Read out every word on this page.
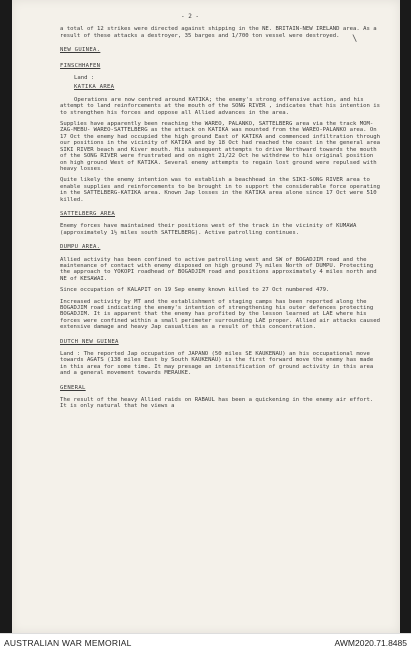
\
- 2 -

a total of 12 strikes were directed against shipping in the NE. BRITAIN-NEW IRELAND area. As a result of these attacks a destroyer, 35 barges and 1/700 ton vessel were destroyed.

NEW GUINEA.
FINSCHHAFEN
Land :
KATIKA AREA

Operations are now centred around KATIKA; the enemy's strong offensive action, and his attempt to land reinforcements at the mouth of the SONG RIVER , indicates that his intention is to strengthen his forces and oppose all Allied advances in the area.

Supplies have apparently been reaching the WAREO, PALANKO, SATTELBERG area via the track MOM-ZAG-MEBU- WAREO-SATTELBERG as the attack on KATIKA was mounted from the WAREO-PALANKO area. On 17 Oct the enemy had occupied the high ground East of KATIKA and commenced infiltration through our positions in the vicinity of KATIKA and by 18 Oct had reached the coast in the general area SIKI RIVER beach and Kiver mouth. His subsequent attempts to drive Northward towards the mouth of the SONG RIVER were frustrated and on night 21/22 Oct he withdrew to his original position on high ground West of KATIKA. Several enemy attempts to regain lost ground were repulsed with heavy losses.

Quite likely the enemy intention was to establish a beachhead in the SIKI-SONG RIVER area to enable supplies and reinforcements to be brought in to support the considerable force operating in the SATTELBERG-KATIKA area. Known Jap losses in the KATIKA area alone since 17 Oct were 510 killed.

SATTELBERG AREA

Enemy forces have maintained their positions west of the track in the vicinity of KUMAWA (approximately 1½ miles south SATTELBERG). Active patrolling continues.

DUMPU AREA.

Allied activity has been confined to active patrolling west and SW of BOGADJIM road and the maintenance of contact with enemy disposed on high ground 7½ miles North of DUMPU. Protecting the approach to YOKOPI roadhead of BOGADJIM road and positions approximately 4 miles north and NE of KESAWAI.

Since occupation of KALAPIT on 19 Sep enemy known killed to 27 Oct numbered 479.

Increased activity by MT and the establishment of staging camps has been reported along the BOGADJIM road indicating the enemy's intention of strengthening his outer defences protecting BOGADJIM. It is apparent that the enemy has profited by the lesson learned at LAE where his forces were confined within a small perimeter surrounding LAE proper. Allied air attacks caused extensive damage and heavy Jap casualties as a result of this concentration.

DUTCH NEW GUINEA

Land : The reported Jap occupation of JAPANO (50 miles SE KAUKENAU) an his occupational move towards AGATS (138 miles East by South KAUKENAU) is the first forward move the enemy has made in this area for some time. It may presage an intensification of ground activity in this area and a general movement towards MERAUKE.

GENERAL

The result of the heavy Allied raids on RABAUL has been a quickening in the enemy air effort. It is only natural that he views a

AUSTRALIAN WAR MEMORIAL	AWM2020.71.8485
